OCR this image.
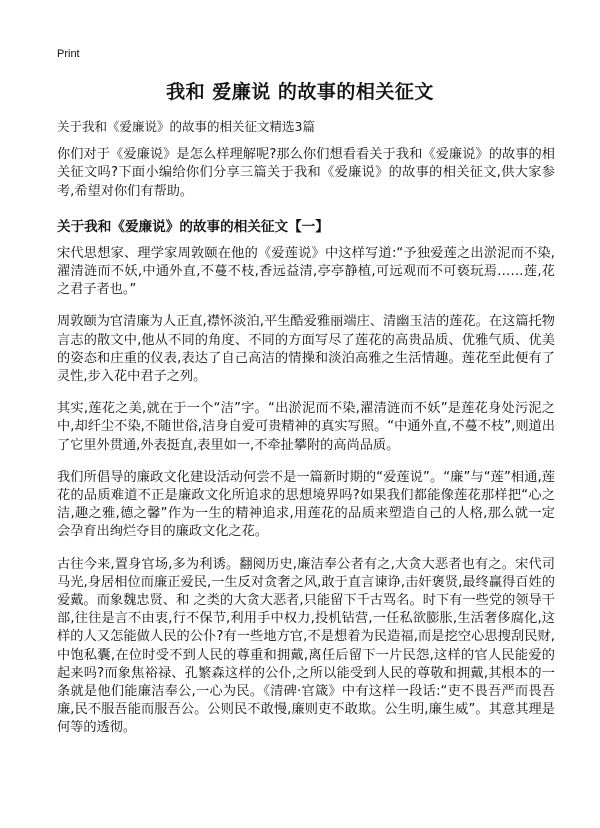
Print
我和 爱廉说 的故事的相关征文

关于我和《爱廉说》的故事的相关征文精选3篇

你们对于《爱廉说》是怎么样理解呢?那么你们想看看关于我和《爱廉说》的故事的相关征文吗?下面小编给你们分享三篇关于我和《爱廉说》的故事的相关征文,供大家参考,希望对你们有帮助。

关于我和《爱廉说》的故事的相关征文【一】

宋代思想家、理学家周敦颐在他的《爱莲说》中这样写道:“予独爱莲之出淤泥而不染,濯清涟而不妖,中通外直,不蔓不枝,香远益清,亭亭静植,可远观而不可亵玩焉……莲,花之君子者也。”

周敦颐为官清廉为人正直,襟怀淡泊,平生酷爱雅丽端庄、清幽玉洁的莲花。在这篇托物言志的散文中,他从不同的角度、不同的方面写尽了莲花的高贵品质、优雅气质、优美的姿态和庄重的仪表,表达了自己高洁的情操和淡泊高雅之生活情趣。莲花至此便有了灵性,步入花中君子之列。

其实,莲花之美,就在于一个“洁”字。“出淤泥而不染,濯清涟而不妖”是莲花身处污泥之中,却纤尘不染,不随世俗,洁身自爱可贵精神的真实写照。“中通外直,不蔓不枝”,则道出了它里外贯通,外表挺直,表里如一,不牵扯攀附的高尚品质。

我们所倡导的廉政文化建设活动何尝不是一篇新时期的“爱莲说”。“廉”与“莲”相通,莲花的品质难道不正是廉政文化所追求的思想境界吗?如果我们都能像莲花那样把“心之洁,趣之雅,德之馨”作为一生的精神追求,用莲花的品质来塑造自己的人格,那么就一定会孕育出绚烂夺目的廉政文化之花。

古往今来,置身官场,多为利诱。翻阅历史,廉洁奉公者有之,大贪大恶者也有之。宋代司马光,身居相位而廉正爱民,一生反对贪奢之风,敢于直言谏诤,击奸褒贤,最终赢得百姓的爱戴。而象魏忠贤、和 之类的大贪大恶者,只能留下千古骂名。时下有一些党的领导干部,往往是言不由衷,行不保节,利用手中权力,投机钻营,一任私欲膨胀,生活奢侈腐化,这样的人又怎能做人民的公仆?有一些地方官,不是想着为民造福,而是挖空心思搜刮民财,中饱私囊,在位时受不到人民的尊重和拥戴,离任后留下一片民怨,这样的官人民能爱的起来吗?而象焦裕禄、孔繁森这样的公仆,之所以能受到人民的尊敬和拥戴,其根本的一条就是他们能廉洁奉公,一心为民。《清碑·官箴》中有这样一段话:“吏不畏吾严而畏吾廉,民不服吾能而服吾公。公则民不敢慢,廉则吏不敢欺。公生明,廉生威”。其意其理是何等的透彻。
